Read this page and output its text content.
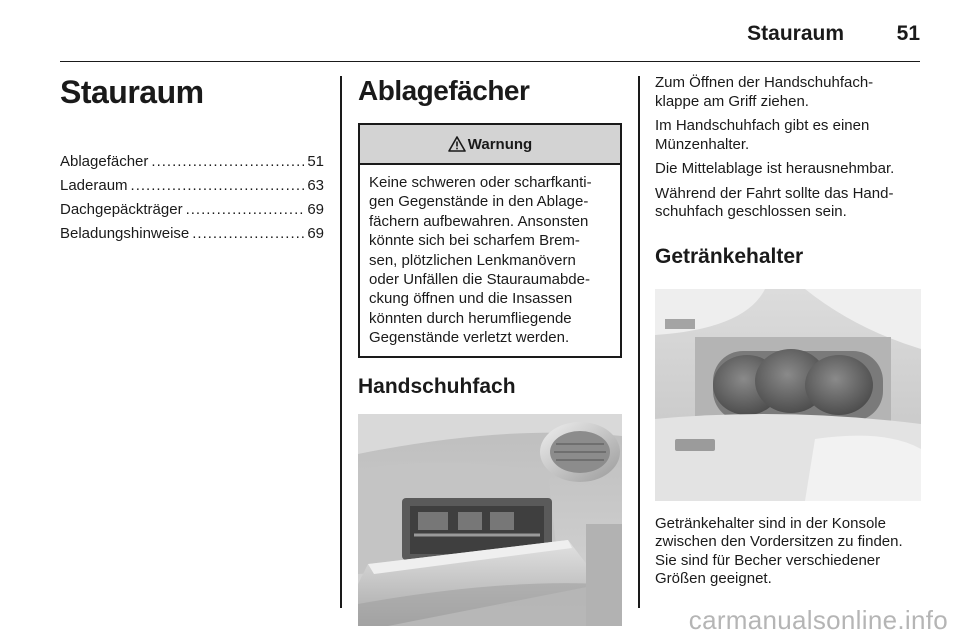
Stauraum	51
Stauraum
Ablagefächer .....	51
Laderaum .....	63
Dachgepäckträger .....	69
Beladungshinweise .....	69
Ablagefächer
Warnung
Keine schweren oder scharfkanti-
gen Gegenstände in den Ablage-
fächern aufbewahren. Ansonsten
könnte sich bei scharfem Brem-
sen, plötzlichen Lenkmanövern
oder Unfällen die Stauraumabde-
ckung öffnen und die Insassen
könnten durch herumfliegende
Gegenstände verletzt werden.
Handschuhfach

Zum Öffnen der Handschuhfach-
klappe am Griff ziehen.

Im Handschuhfach gibt es einen
Münzenhalter.

Die Mittelablage ist herausnehmbar.

Während der Fahrt sollte das Hand-
schuhfach geschlossen sein.

Getränkehalter

Getränkehalter sind in der Konsole
zwischen den Vordersitzen zu finden.
Sie sind für Becher verschiedener
Größen geeignet.

carmanualsonline.info
